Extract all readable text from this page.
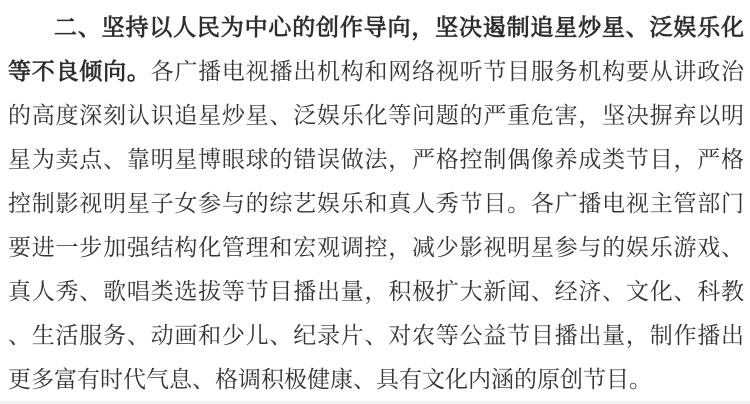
二、坚持以人民为中心的创作导向，坚决遏制追星炒星、泛娱乐化
等不良倾向。各广播电视播出机构和网络视听节目服务机构要从讲政治
的高度深刻认识追星炒星、泛娱乐化等问题的严重危害，坚决摒弃以明
星为卖点、靠明星博眼球的错误做法，严格控制偶像养成类节目，严格
控制影视明星子女参与的综艺娱乐和真人秀节目。各广播电视主管部门
要进一步加强结构化管理和宏观调控，减少影视明星参与的娱乐游戏、
真人秀、歌唱类选拔等节目播出量，积极扩大新闻、经济、文化、科教
、生活服务、动画和少儿、纪录片、对农等公益节目播出量，制作播出
更多富有时代气息、格调积极健康、具有文化内涵的原创节目。
